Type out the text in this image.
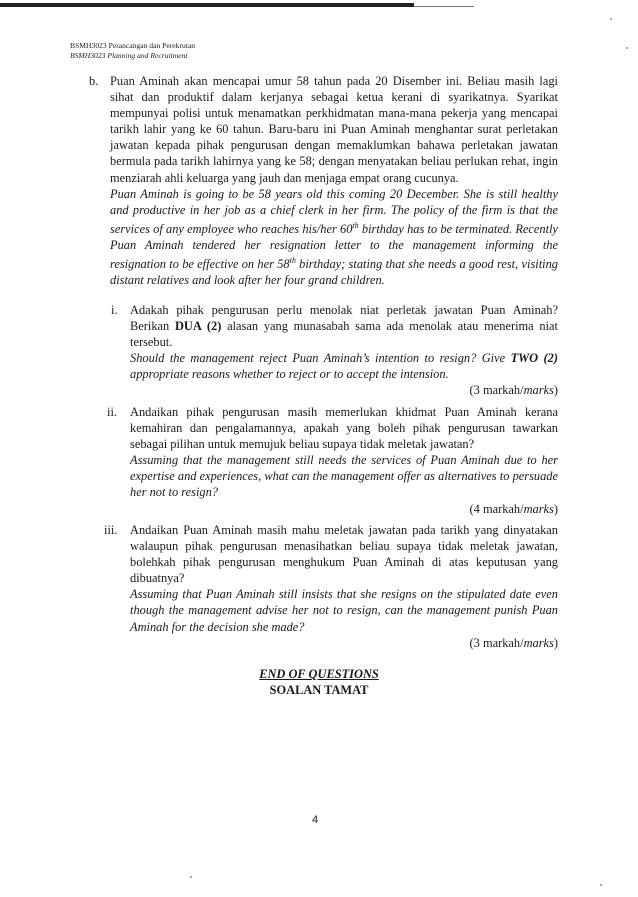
BSMH3023 Perancangan dan Perekrutan
BSMH3023 Planning and Recruitment
b. Puan Aminah akan mencapai umur 58 tahun pada 20 Disember ini. Beliau masih lagi sihat dan produktif dalam kerjanya sebagai ketua kerani di syarikatnya. Syarikat mempunyai polisi untuk menamatkan perkhidmatan mana-mana pekerja yang mencapai tarikh lahir yang ke 60 tahun. Baru-baru ini Puan Aminah menghantar surat perletakan jawatan kepada pihak pengurusan dengan memaklumkan bahawa perletakan jawatan bermula pada tarikh lahirnya yang ke 58; dengan menyatakan beliau perlukan rehat, ingin menziarah ahli keluarga yang jauh dan menjaga empat orang cucunya.

Puan Aminah is going to be 58 years old this coming 20 December. She is still healthy and productive in her job as a chief clerk in her firm. The policy of the firm is that the services of any employee who reaches his/her 60th birthday has to be terminated. Recently Puan Aminah tendered her resignation letter to the management informing the resignation to be effective on her 58th birthday; stating that she needs a good rest, visiting distant relatives and look after her four grand children.

i. Adakah pihak pengurusan perlu menolak niat perletak jawatan Puan Aminah? Berikan DUA (2) alasan yang munasabah sama ada menolak atau menerima niat tersebut.

Should the management reject Puan Aminah’s intention to resign? Give TWO (2) appropriate reasons whether to reject or to accept the intension.

(3 markah/marks)

ii. Andaikan pihak pengurusan masih memerlukan khidmat Puan Aminah kerana kemahiran dan pengalamannya, apakah yang boleh pihak pengurusan tawarkan sebagai pilihan untuk memujuk beliau supaya tidak meletak jawatan?

Assuming that the management still needs the services of Puan Aminah due to her expertise and experiences, what can the management offer as alternatives to persuade her not to resign?

(4 markah/marks)

iii. Andaikan Puan Aminah masih mahu meletak jawatan pada tarikh yang dinyatakan walaupun pihak pengurusan menasihatkan beliau supaya tidak meletak jawatan, bolehkah pihak pengurusan menghukum Puan Aminah di atas keputusan yang dibuatnya?

Assuming that Puan Aminah still insists that she resigns on the stipulated date even though the management advise her not to resign, can the management punish Puan Aminah for the decision she made?

(3 markah/marks)

END OF QUESTIONS
SOALAN TAMAT
4
